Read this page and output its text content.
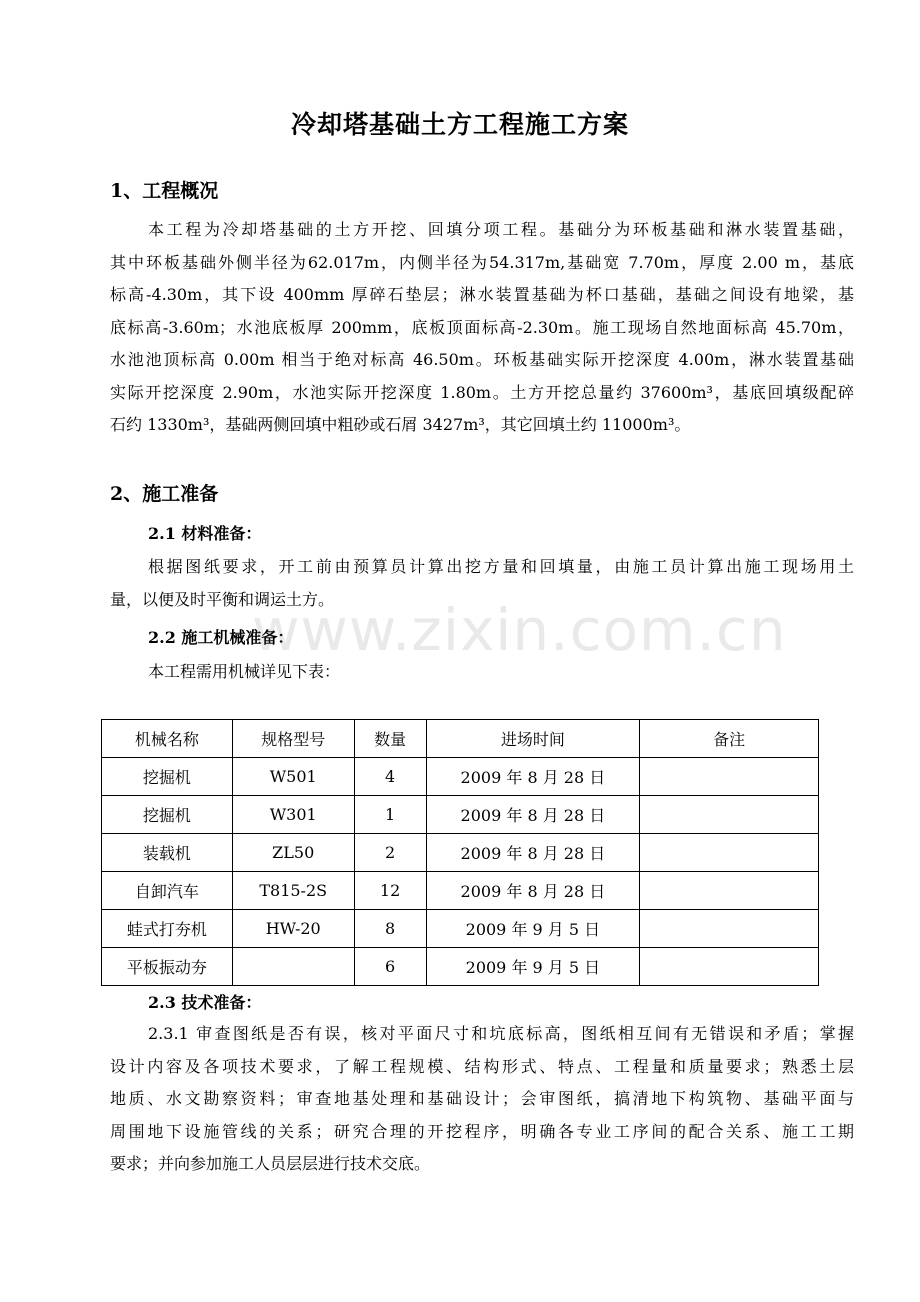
冷却塔基础土方工程施工方案
1、工程概况
本工程为冷却塔基础的土方开挖、回填分项工程。基础分为环板基础和淋水装置基础，
其中环板基础外侧半径为62.017m，内侧半径为54.317m,基础宽 7.70m，厚度 2.00 m，基底
标高-4.30m，其下设 400mm 厚碎石垫层；淋水装置基础为杯口基础，基础之间设有地梁，基
底标高-3.60m；水池底板厚 200mm，底板顶面标高-2.30m。施工现场自然地面标高 45.70m，
水池池顶标高 0.00m 相当于绝对标高 46.50m。环板基础实际开挖深度 4.00m，淋水装置基础
实际开挖深度 2.90m，水池实际开挖深度 1.80m。土方开挖总量约 37600m³，基底回填级配碎
石约 1330m³，基础两侧回填中粗砂或石屑 3427m³，其它回填土约 11000m³。
2、施工准备
2.1 材料准备：
根据图纸要求，开工前由预算员计算出挖方量和回填量，由施工员计算出施工现场用土
量，以便及时平衡和调运土方。
2.2 施工机械准备：

本工程需用机械详见下表：

www.zixin.com.cn
机械名称	规格型号	数量	进场时间	备注
挖掘机	W501	4	2009 年 8 月 28 日	
挖掘机	W301	1	2009 年 8 月 28 日	
装载机	ZL50	2	2009 年 8 月 28 日	
自卸汽车	T815-2S	12	2009 年 8 月 28 日	
蛙式打夯机	HW-20	8	2009 年 9 月 5 日	
平板振动夯		6	2009 年 9 月 5 日	
2.3 技术准备：
2.3.1 审查图纸是否有误，核对平面尺寸和坑底标高，图纸相互间有无错误和矛盾；掌握
设计内容及各项技术要求，了解工程规模、结构形式、特点、工程量和质量要求；熟悉土层
地质、水文勘察资料；审查地基处理和基础设计；会审图纸，搞清地下构筑物、基础平面与
周围地下设施管线的关系；研究合理的开挖程序，明确各专业工序间的配合关系、施工工期
要求；并向参加施工人员层层进行技术交底。
